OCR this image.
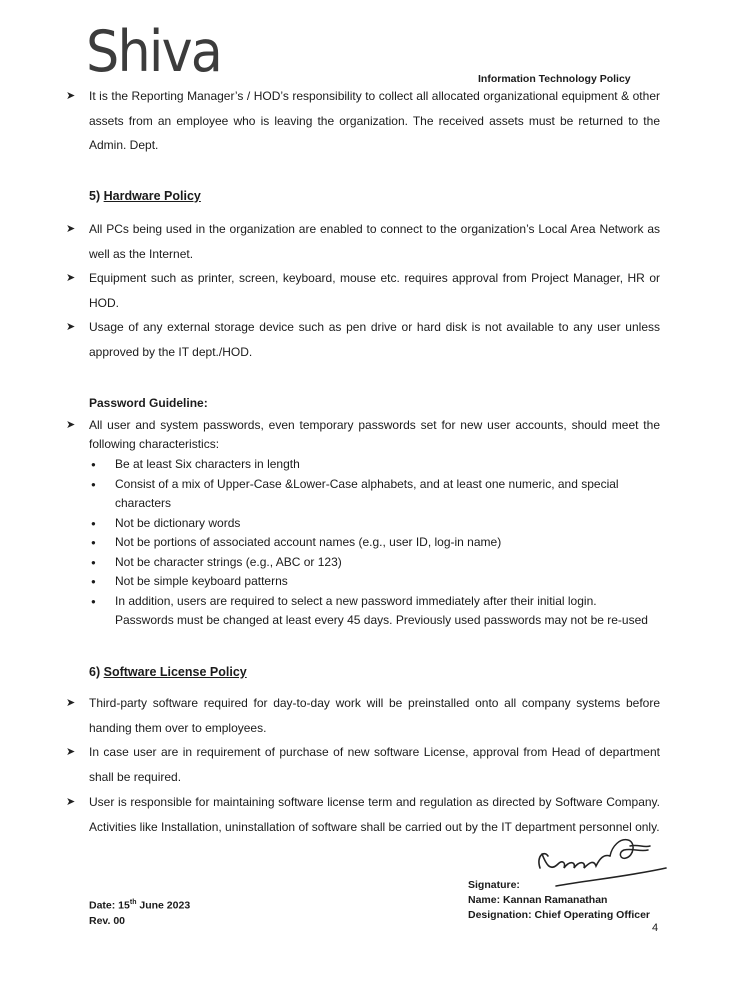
Shiva	Information Technology Policy
➤ It is the Reporting Manager’s / HOD’s responsibility to collect all allocated organizational equipment & other assets from an employee who is leaving the organization. The received assets must be returned to the Admin. Dept.
5) Hardware Policy
➤ All PCs being used in the organization are enabled to connect to the organization’s Local Area Network as well as the Internet.
➤ Equipment such as printer, screen, keyboard, mouse etc. requires approval from Project Manager, HR or HOD.
➤ Usage of any external storage device such as pen drive or hard disk is not available to any user unless approved by the IT dept./HOD.
Password Guideline:
➤ All user and system passwords, even temporary passwords set for new user accounts, should meet the following characteristics:
● Be at least Six characters in length
● Consist of a mix of Upper-Case &Lower-Case alphabets, and at least one numeric, and special characters
● Not be dictionary words
● Not be portions of associated account names (e.g., user ID, log-in name)
● Not be character strings (e.g., ABC or 123)
● Not be simple keyboard patterns
● In addition, users are required to select a new password immediately after their initial login. Passwords must be changed at least every 45 days. Previously used passwords may not be re-used
6) Software License Policy
➤ Third-party software required for day-to-day work will be preinstalled onto all company systems before handing them over to employees.
➤ In case user are in requirement of purchase of new software License, approval from Head of department shall be required.
➤ User is responsible for maintaining software license term and regulation as directed by Software Company. Activities like Installation, uninstallation of software shall be carried out by the IT department personnel only.
Date: 15th June 2023
Rev. 00
Signature:
Name: Kannan Ramanathan
Designation: Chief Operating Officer
4
